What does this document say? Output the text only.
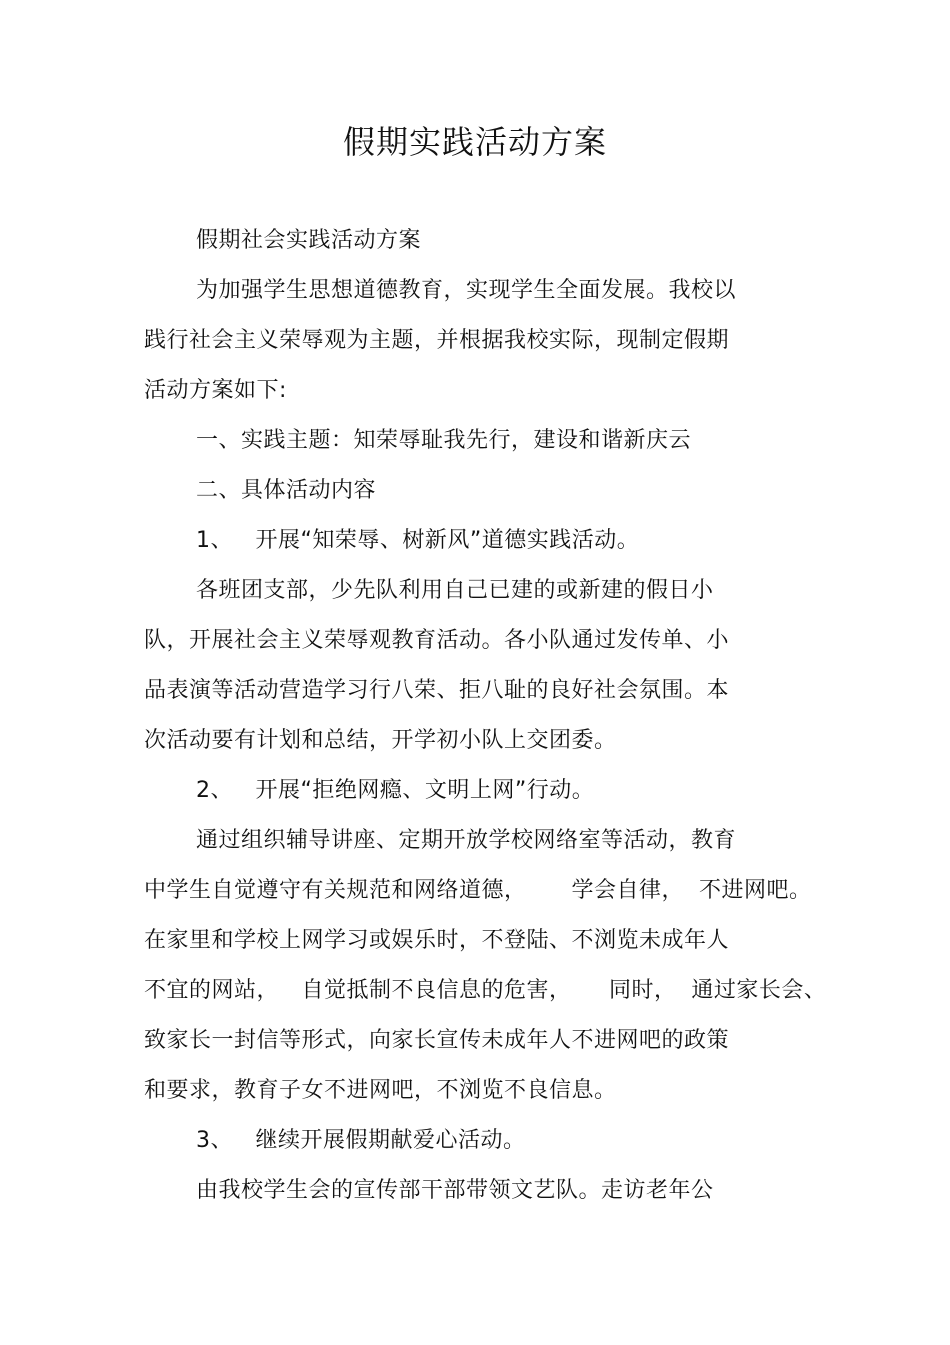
假期实践活动方案
假期社会实践活动方案
为加强学生思想道德教育，实现学生全面发展。我校以
践行社会主义荣辱观为主题，并根据我校实际，现制定假期
活动方案如下:
一、实践主题：知荣辱耻我先行，建设和谐新庆云
二、具体活动内容
1、   开展“知荣辱、树新风”道德实践活动。
各班团支部，少先队利用自己已建的或新建的假日小
队，开展社会主义荣辱观教育活动。各小队通过发传单、小
品表演等活动营造学习行八荣、拒八耻的良好社会氛围。本
次活动要有计划和总结，开学初小队上交团委。
2、   开展“拒绝网瘾、文明上网”行动。
通过组织辅导讲座、定期开放学校网络室等活动，教育
中学生自觉遵守有关规范和网络道德，      学会自律，  不进网吧。
在家里和学校上网学习或娱乐时，不登陆、不浏览未成年人
不宜的网站，   自觉抵制不良信息的危害，     同时，  通过家长会、
致家长一封信等形式，向家长宣传未成年人不进网吧的政策
和要求，教育子女不进网吧，不浏览不良信息。
3、   继续开展假期献爱心活动。
由我校学生会的宣传部干部带领文艺队。走访老年公
